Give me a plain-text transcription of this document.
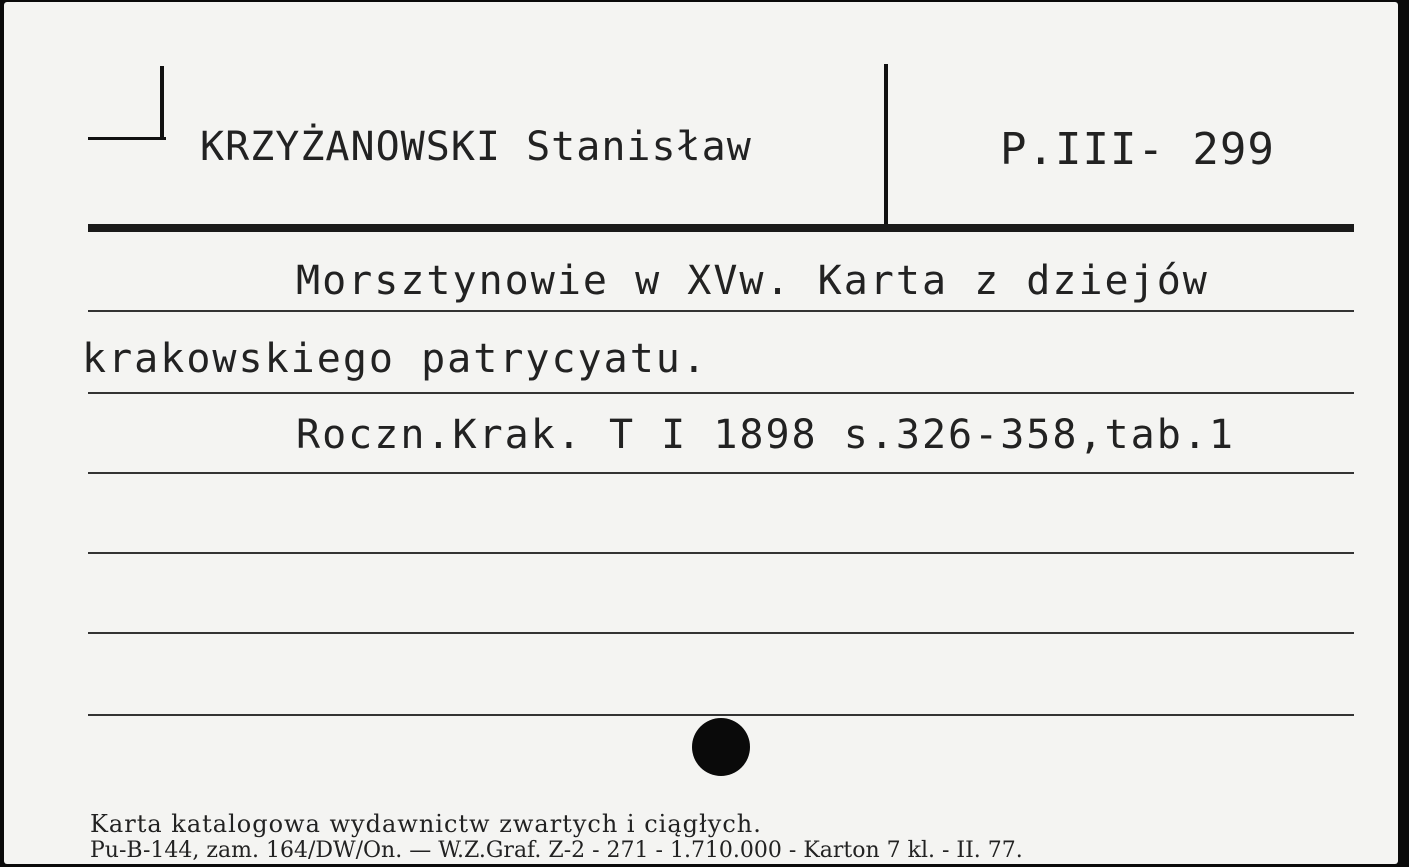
KRZYŻANOWSKI Stanisław	P.III- 299
Morsztynowie w XVw. Karta z dziejów
krakowskiego patrycyatu.
Roczn.Krak. T I 1898 s.326-358,tab.1
Karta katalogowa wydawnictw zwartych i ciągłych.
Pu-B-144, zam. 164/DW/On. — W.Z.Graf. Z-2 - 271 - 1.710.000 - Karton 7 kl. - II. 77.
